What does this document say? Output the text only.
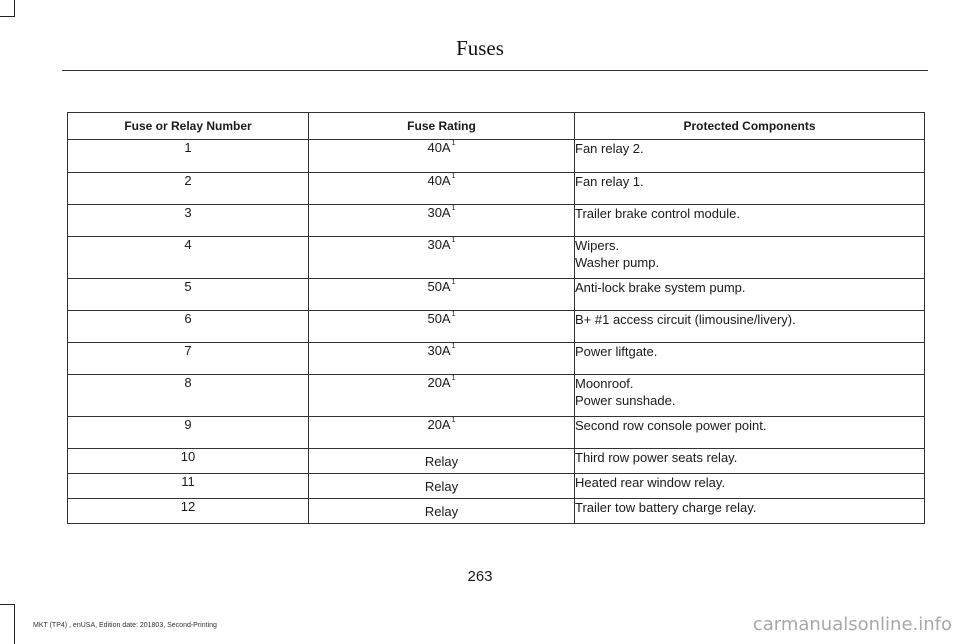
Fuses
Fuse or Relay Number	Fuse Rating	Protected Components
1	$40A^1$	Fan relay 2.

2	$40A^1$	Fan relay 1.

3	$30A^1$	Trailer brake control module.

4	$30A^1$	Wipers.
Washer pump.

5	$50A^1$	Anti-lock brake system pump.

6	$50A^1$	B+ #1 access circuit (limousine/livery).

7	$30A^1$	Power liftgate.

8	$20A^1$	Moonroof.
Power sunshade.

9	$20A^1$	Second row console power point.

10	Relay	Third row power seats relay.

11	Relay	Heated rear window relay.

12	Relay	Trailer tow battery charge relay.
263
MKT (TP4) , enUSA, Edition date: 201803, Second-Printing	carmanualsonline.info
